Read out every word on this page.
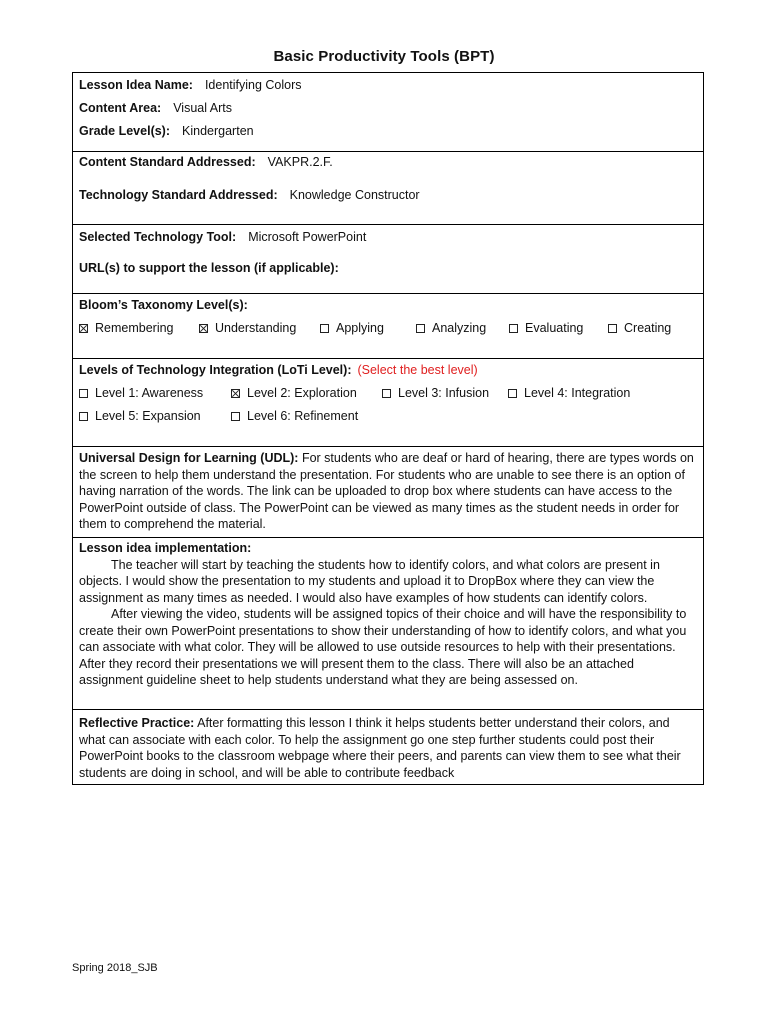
Basic Productivity Tools (BPT)
Lesson Idea Name: Identifying Colors
Content Area: Visual Arts
Grade Level(s): Kindergarten
Content Standard Addressed: VAKPR.2.F.
Technology Standard Addressed: Knowledge Constructor
Selected Technology Tool: Microsoft PowerPoint
URL(s) to support the lesson (if applicable):
Bloom’s Taxonomy Level(s):
Remembering	Understanding	Applying	Analyzing	Evaluating	Creating
Levels of Technology Integration (LoTi Level): (Select the best level)
Level 1: Awareness	Level 2: Exploration	Level 3: Infusion	Level 4: Integration
Level 5: Expansion	Level 6: Refinement
Universal Design for Learning (UDL): For students who are deaf or hard of hearing, there are types words on the screen to help them understand the presentation. For students who are unable to see there is an option of having narration of the words. The link can be uploaded to drop box where students can have access to the PowerPoint outside of class. The PowerPoint can be viewed as many times as the student needs in order for them to comprehend the material.
Lesson idea implementation:
The teacher will start by teaching the students how to identify colors, and what colors are present in objects. I would show the presentation to my students and upload it to DropBox where they can view the assignment as many times as needed. I would also have examples of how students can identify colors.
After viewing the video, students will be assigned topics of their choice and will have the responsibility to create their own PowerPoint presentations to show their understanding of how to identify colors, and what you can associate with what color. They will be allowed to use outside resources to help with their presentations. After they record their presentations we will present them to the class. There will also be an attached assignment guideline sheet to help students understand what they are being assessed on.
Reflective Practice: After formatting this lesson I think it helps students better understand their colors, and what can associate with each color. To help the assignment go one step further students could post their PowerPoint books to the classroom webpage where their peers, and parents can view them to see what their students are doing in school, and will be able to contribute feedback
Spring 2018_SJB
